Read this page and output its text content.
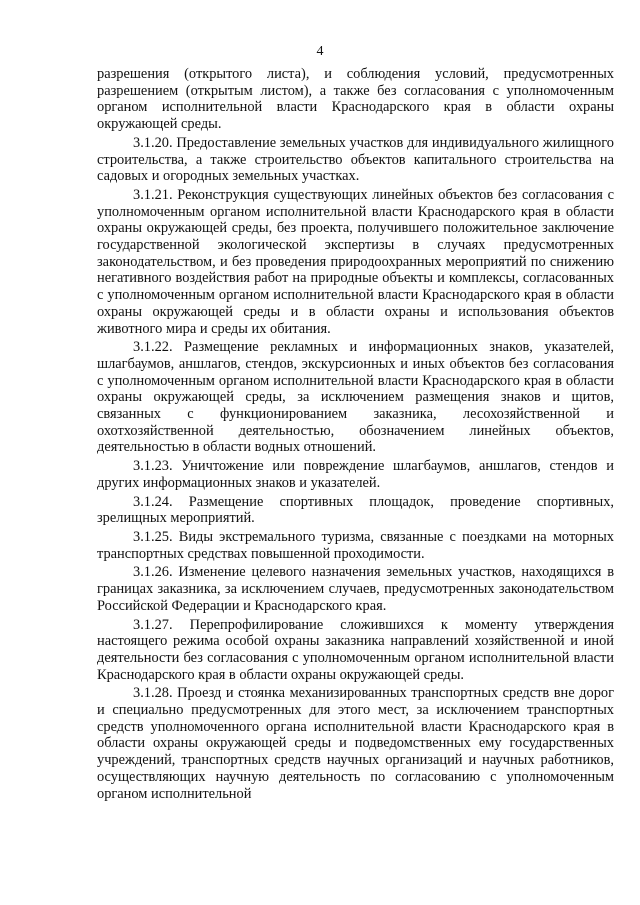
4

разрешения (открытого листа), и соблюдения условий, предусмотренных разрешением (открытым листом), а также без согласования с уполномоченным органом исполнительной власти Краснодарского края в области охраны окружающей среды.

3.1.20. Предоставление земельных участков для индивидуального жилищного строительства, а также строительство объектов капитального строительства на садовых и огородных земельных участках.

3.1.21. Реконструкция существующих линейных объектов без согласования с уполномоченным органом исполнительной власти Краснодарского края в области охраны окружающей среды, без проекта, получившего положительное заключение государственной экологической экспертизы в случаях предусмотренных законодательством, и без проведения природоохранных мероприятий по снижению негативного воздействия работ на природные объекты и комплексы, согласованных с уполномоченным органом исполнительной власти Краснодарского края в области охраны окружающей среды и в области охраны и использования объектов животного мира и среды их обитания.

3.1.22. Размещение рекламных и информационных знаков, указателей, шлагбаумов, аншлагов, стендов, экскурсионных и иных объектов без согласования с уполномоченным органом исполнительной власти Краснодарского края в области охраны окружающей среды, за исключением размещения знаков и щитов, связанных с функционированием заказника, лесохозяйственной и охотхозяйственной деятельностью, обозначением линейных объектов, деятельностью в области водных отношений.

3.1.23. Уничтожение или повреждение шлагбаумов, аншлагов, стендов и других информационных знаков и указателей.

3.1.24. Размещение спортивных площадок, проведение спортивных, зрелищных мероприятий.

3.1.25. Виды экстремального туризма, связанные с поездками на моторных транспортных средствах повышенной проходимости.

3.1.26. Изменение целевого назначения земельных участков, находящихся в границах заказника, за исключением случаев, предусмотренных законодательством Российской Федерации и Краснодарского края.

3.1.27. Перепрофилирование сложившихся к моменту утверждения настоящего режима особой охраны заказника направлений хозяйственной и иной деятельности без согласования с уполномоченным органом исполнительной власти Краснодарского края в области охраны окружающей среды.

3.1.28. Проезд и стоянка механизированных транспортных средств вне дорог и специально предусмотренных для этого мест, за исключением транспортных средств уполномоченного органа исполнительной власти Краснодарского края в области охраны окружающей среды и подведомственных ему государственных учреждений, транспортных средств научных организаций и научных работников, осуществляющих научную деятельность по согласованию с уполномоченным органом исполнительной
